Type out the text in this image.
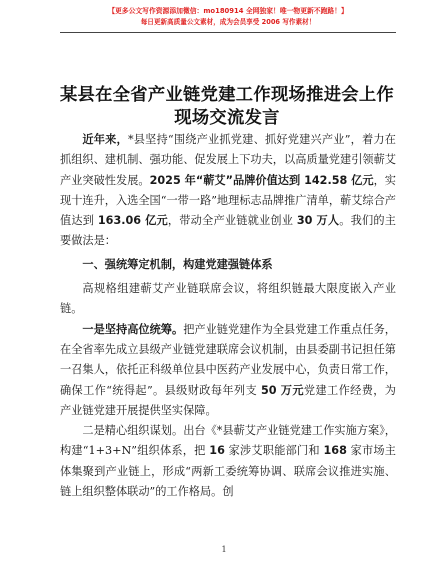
【更多公文写作资源添加微信：mo180914 全网独家！唯一物更新不跑路！】
每日更新高质量公文素材，成为会员享受 2006 写作素材！
某县在全省产业链党建工作现场推进会上作现场交流发言

近年来，*县坚持“围绕产业抓党建、抓好党建兴产业”，着力在抓组织、建机制、强功能、促发展上下功夫，以高质量党建引领蕲艾产业突破性发展。2025 年“蕲艾”品牌价值达到 142.58 亿元，实现十连升，入选全国“一带一路”地理标志品牌推广清单，蕲艾综合产值达到 163.06 亿元，带动全产业链就业创业 30 万人。我们的主要做法是：

一、强统筹定机制，构建党建强链体系

高规格组建蕲艾产业链联席会议，将组织链最大限度嵌入产业链。

一是坚持高位统筹。把产业链党建作为全县党建工作重点任务，在全省率先成立县级产业链党建联席会议机制，由县委副书记担任第一召集人，依托正科级单位县中医药产业发展中心，负责日常工作，确保工作“统得起”。县级财政每年列支 50 万元党建工作经费，为产业链党建开展提供坚实保障。

二是精心组织谋划。出台《*县蕲艾产业链党建工作实施方案》，构建“1+3+N”组织体系，把 16 家涉艾职能部门和 168 家市场主体集聚到产业链上，形成“两新工委统筹协调、联席会议推进实施、链上组织整体联动”的工作格局。创

1
